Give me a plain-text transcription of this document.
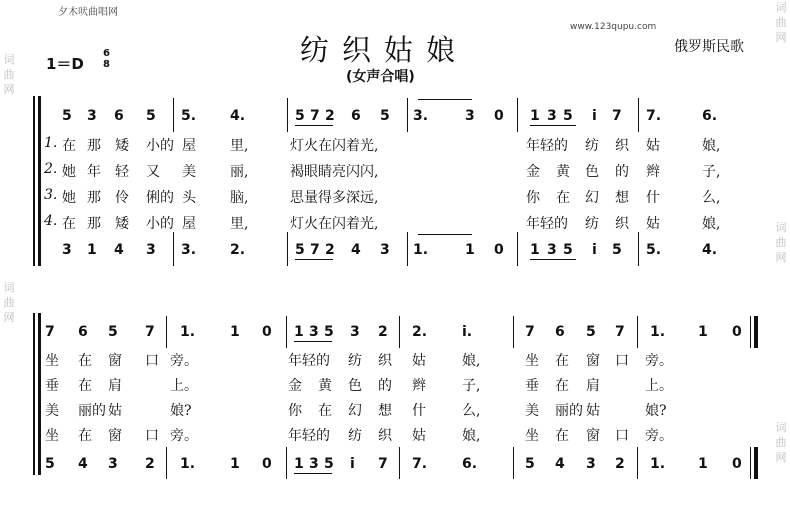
夕木吠曲唱网
www.123qupu.com
纺织姑娘
(女声合唱)
俄罗斯民歌
1＝D
6
8
词曲网
词曲网
词曲网
词曲网
词曲网
5 3 6 5 5. 4.	5 7 2 6 5 3.	3 0 1 3 5 i 7 7.	6.
3 1 4 3 3. 2.	5 7 2 4 3 1.	1 0 1 3 5 i 5 5.	4.
1.
2.
3.
4.
在 那 矮 小的 屋 里,	灯火在闪着光,	年轻的 纺 织 姑	娘,
她 年 轻 又 美 丽,	褐眼睛亮闪闪,	金 黄 色 的 辫	子,
她 那 伶 俐的 头 脑,	思量得多深远,	你 在 幻 想 什	么,
在 那 矮 小的 屋 里,	灯火在闪着光,	年轻的 纺 织 姑	娘,
7 6 5 7 1. 1 0 1 3 5 3 2 2. i.	7 6 5 7 1. 1 0
5 4 3 2 1. 1 0 1 3 5 i 7 7. 6.	5 4 3 2 1. 1 0
坐 在 窗 口 旁。	年轻的 纺 织 姑	娘,	坐 在 窗 口 旁。
垂 在 肩	上。	金 黄 色 的 辫	子,	垂 在 肩	上。
美 丽的 姑	娘?	你 在 幻 想 什	么,	美 丽的 姑	娘?
坐 在 窗 口 旁。	年轻的 纺 织 姑	娘,	坐 在 窗 口 旁。
